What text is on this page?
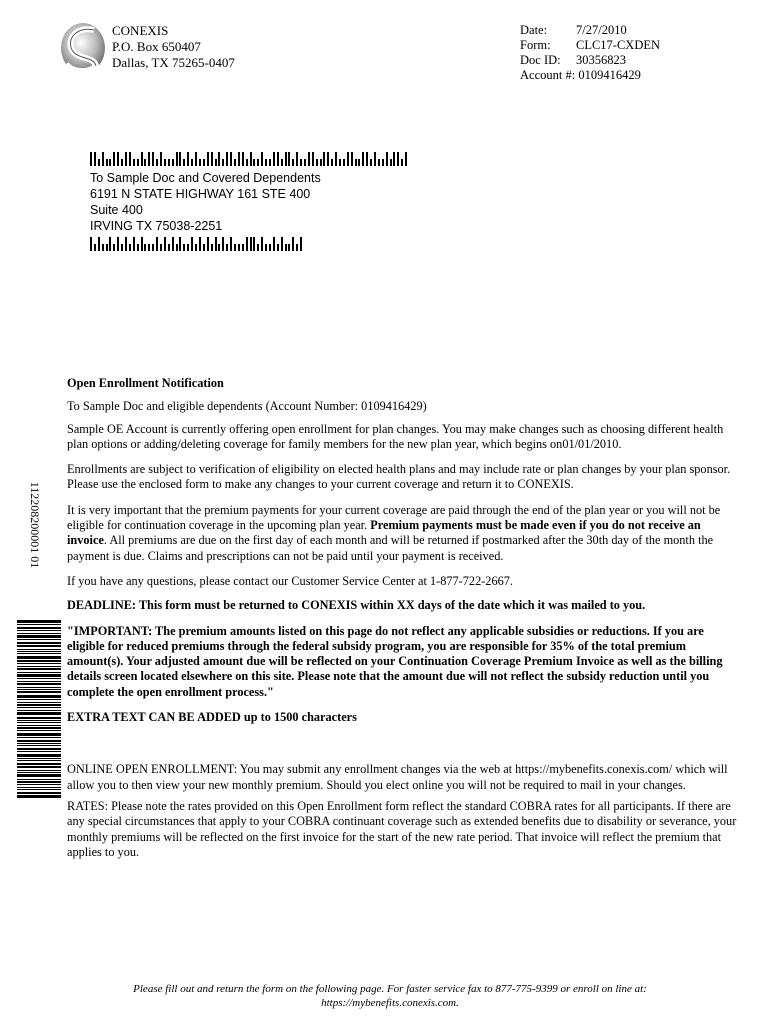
CONEXIS
P.O. Box 650407
Dallas, TX 75265-0407
Date:	7/27/2010
Form:	CLC17-CXDEN
Doc ID:	30356823
Account #:
0109416429
To Sample Doc and Covered Dependents
6191 N STATE HIGHWAY 161 STE 400
Suite 400
IRVING TX 75038-2251
112208200001 01

Open Enrollment Notification

To Sample Doc and eligible dependents (Account Number: 0109416429)

Sample OE Account is currently offering open enrollment for plan changes. You may make changes such as choosing different health plan options or adding/deleting coverage for family members for the new plan year, which begins on01/01/2010.

Enrollments are subject to verification of eligibility on elected health plans and may include rate or plan changes by your plan sponsor. Please use the enclosed form to make any changes to your current coverage and return it to CONEXIS.

It is very important that the premium payments for your current coverage are paid through the end of the plan year or you will not be eligible for continuation coverage in the upcoming plan year. Premium payments must be made even if you do not receive an invoice. All premiums are due on the first day of each month and will be returned if postmarked after the 30th day of the month the payment is due. Claims and prescriptions can not be paid until your payment is received.

If you have any questions, please contact our Customer Service Center at 1-877-722-2667.

DEADLINE: This form must be returned to CONEXIS within XX days of the date which it was mailed to you.

"IMPORTANT: The premium amounts listed on this page do not reflect any applicable subsidies or reductions. If you are eligible for reduced premiums through the federal subsidy program, you are responsible for 35% of the total premium amount(s). Your adjusted amount due will be reflected on your Continuation Coverage Premium Invoice as well as the billing details screen located elsewhere on this site. Please note that the amount due will not reflect the subsidy reduction until you complete the open enrollment process."

EXTRA TEXT CAN BE ADDED up to 1500 characters

ONLINE OPEN ENROLLMENT: You may submit any enrollment changes via the web at https://mybenefits.conexis.com/ which will allow you to then view your new monthly premium. Should you elect online you will not be required to mail in your changes.

RATES: Please note the rates provided on this Open Enrollment form reflect the standard COBRA rates for all participants. If there are any special circumstances that apply to your COBRA continuant coverage such as extended benefits due to disability or severance, your monthly premiums will be reflected on the first invoice for the start of the new rate period. That invoice will reflect the premium that applies to you.

Please fill out and return the form on the following page. For faster service fax to 877-775-9399 or enroll on line at:
https://mybenefits.conexis.com.
